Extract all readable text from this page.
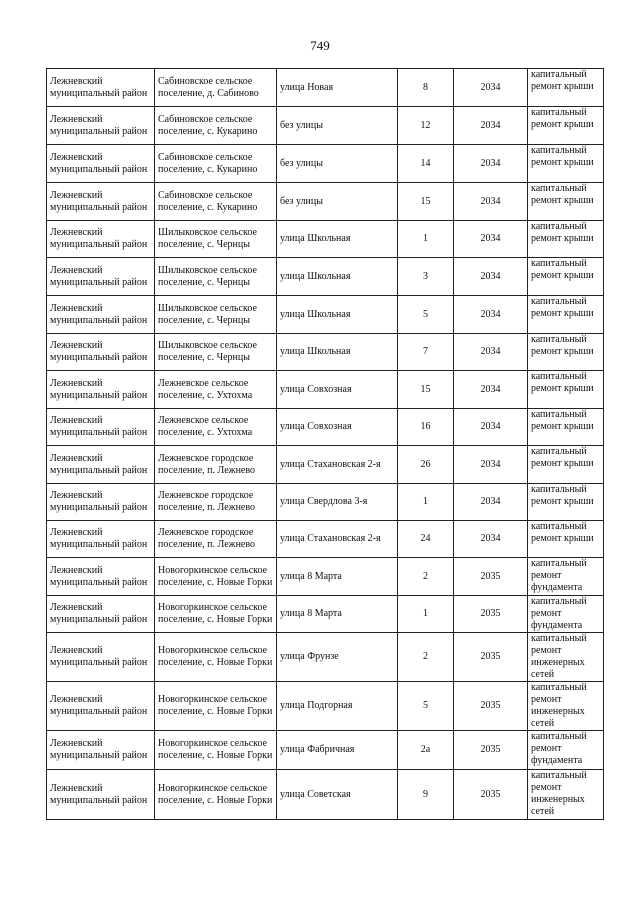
749
Лежневский муниципальный район	Сабиновское сельское поселение, д. Сабиново	улица Новая	8	2034	капитальный ремонт крыши
Лежневский муниципальный район	Сабиновское сельское поселение, с. Кукарино	без улицы	12	2034	капитальный ремонт крыши
Лежневский муниципальный район	Сабиновское сельское поселение, с. Кукарино	без улицы	14	2034	капитальный ремонт крыши
Лежневский муниципальный район	Сабиновское сельское поселение, с. Кукарино	без улицы	15	2034	капитальный ремонт крыши
Лежневский муниципальный район	Шилыковское сельское поселение, с. Чернцы	улица Школьная	1	2034	капитальный ремонт крыши
Лежневский муниципальный район	Шилыковское сельское поселение, с. Чернцы	улица Школьная	3	2034	капитальный ремонт крыши
Лежневский муниципальный район	Шилыковское сельское поселение, с. Чернцы	улица Школьная	5	2034	капитальный ремонт крыши
Лежневский муниципальный район	Шилыковское сельское поселение, с. Чернцы	улица Школьная	7	2034	капитальный ремонт крыши
Лежневский муниципальный район	Лежневское сельское поселение, с. Ухтохма	улица Совхозная	15	2034	капитальный ремонт крыши
Лежневский муниципальный район	Лежневское сельское поселение, с. Ухтохма	улица Совхозная	16	2034	капитальный ремонт крыши
Лежневский муниципальный район	Лежневское городское поселение, п. Лежнево	улица Стахановская 2-я	26	2034	капитальный ремонт крыши
Лежневский муниципальный район	Лежневское городское поселение, п. Лежнево	улица Свердлова 3-я	1	2034	капитальный ремонт крыши
Лежневский муниципальный район	Лежневское городское поселение, п. Лежнево	улица Стахановская 2-я	24	2034	капитальный ремонт крыши
Лежневский муниципальный район	Новогоркинское сельское поселение, с. Новые Горки	улица 8 Марта	2	2035	капитальный ремонт фундамента
Лежневский муниципальный район	Новогоркинское сельское поселение, с. Новые Горки	улица 8 Марта	1	2035	капитальный ремонт фундамента
Лежневский муниципальный район	Новогоркинское сельское поселение, с. Новые Горки	улица Фрунзе	2	2035	капитальный ремонт инженерных сетей
Лежневский муниципальный район	Новогоркинское сельское поселение, с. Новые Горки	улица Подгорная	5	2035	капитальный ремонт инженерных сетей
Лежневский муниципальный район	Новогоркинское сельское поселение, с. Новые Горки	улица Фабричная	2а	2035	капитальный ремонт фундамента
Лежневский муниципальный район	Новогоркинское сельское поселение, с. Новые Горки	улица Советская	9	2035	капитальный ремонт инженерных сетей
